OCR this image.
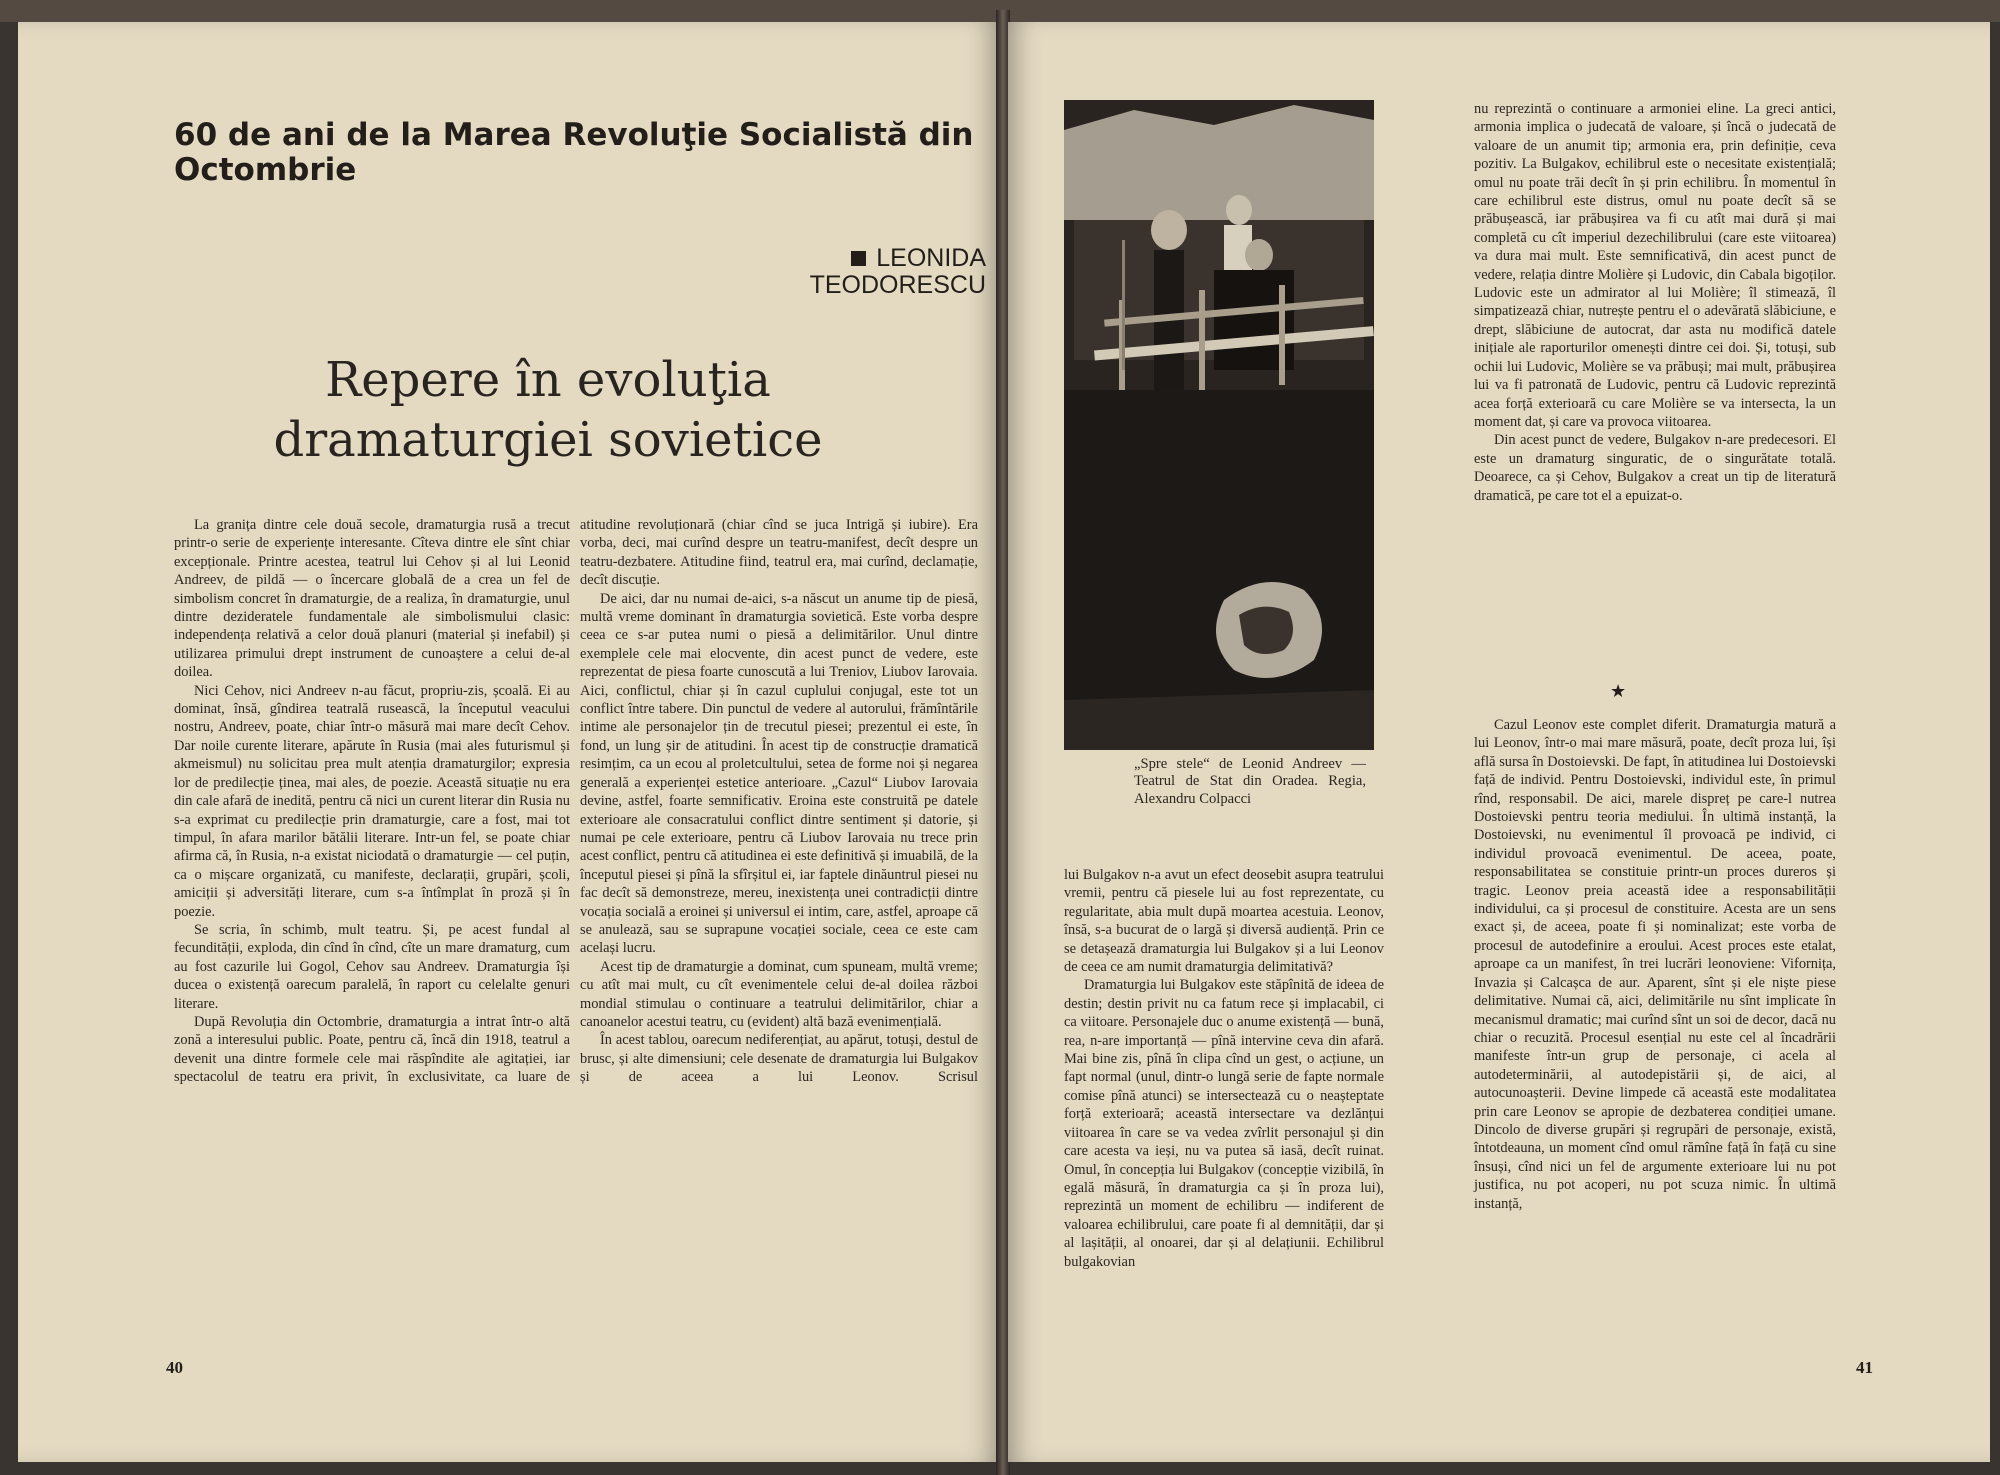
60 de ani de la Marea Revoluţie Socialistă din Octombrie
LEONIDA
TEODORESCU
Repere în evoluţia
dramaturgiei sovietice

La granița dintre cele două secole, dramaturgia rusă a trecut printr-o serie de experiențe interesante. Cîteva dintre ele sînt chiar excepționale. Printre acestea, teatrul lui Cehov și al lui Leonid Andreev, de pildă — o încercare globală de a crea un fel de simbolism concret în dramaturgie, de a realiza, în dramaturgie, unul dintre dezideratele fundamentale ale simbolismului clasic: independența relativă a celor două planuri (material și inefabil) și utilizarea primului drept instrument de cunoaștere a celui de-al doilea.

Nici Cehov, nici Andreev n-au făcut, propriu-zis, școală. Ei au dominat, însă, gîndirea teatrală rusească, la începutul veacului nostru, Andreev, poate, chiar într-o măsură mai mare decît Cehov. Dar noile curente literare, apărute în Rusia (mai ales futurismul și akmeismul) nu solicitau prea mult atenția dramaturgilor; expresia lor de predilecție ținea, mai ales, de poezie. Această situație nu era din cale afară de inedită, pentru că nici un curent literar din Rusia nu s-a exprimat cu predilecție prin dramaturgie, care a fost, mai tot timpul, în afara marilor bătălii literare. Intr-un fel, se poate chiar afirma că, în Rusia, n-a existat niciodată o dramaturgie — cel puțin, ca o mișcare organizată, cu manifeste, declarații, grupări, școli, amiciții și adversități literare, cum s-a întîmplat în proză și în poezie.

Se scria, în schimb, mult teatru. Și, pe acest fundal al fecundității, exploda, din cînd în cînd, cîte un mare dramaturg, cum au fost cazurile lui Gogol, Cehov sau Andreev. Dramaturgia își ducea o existență oarecum paralelă, în raport cu celelalte genuri literare.

După Revoluția din Octombrie, dramaturgia a intrat într-o altă zonă a interesului public. Poate, pentru că, încă din 1918, teatrul a devenit una dintre formele cele mai răspîndite ale agitației, iar spectacolul de teatru era privit, în exclusivitate, ca luare de

atitudine revoluționară (chiar cînd se juca Intrigă și iubire). Era vorba, deci, mai curînd despre un teatru-manifest, decît despre un teatru-dezbatere. Atitudine fiind, teatrul era, mai curînd, declamație, decît discuție.

De aici, dar nu numai de-aici, s-a născut un anume tip de piesă, multă vreme dominant în dramaturgia sovietică. Este vorba despre ceea ce s-ar putea numi o piesă a delimitărilor. Unul dintre exemplele cele mai elocvente, din acest punct de vedere, este reprezentat de piesa foarte cunoscută a lui Treniov, Liubov Iarovaia. Aici, conflictul, chiar și în cazul cuplului conjugal, este tot un conflict între tabere. Din punctul de vedere al autorului, frămîntările intime ale personajelor țin de trecutul piesei; prezentul ei este, în fond, un lung șir de atitudini. În acest tip de construcție dramatică resimțim, ca un ecou al proletcultului, setea de forme noi și negarea generală a experienței estetice anterioare. „Cazul“ Liubov Iarovaia devine, astfel, foarte semnificativ. Eroina este construită pe datele exterioare ale consacratului conflict dintre sentiment și datorie, și numai pe cele exterioare, pentru că Liubov Iarovaia nu trece prin acest conflict, pentru că atitudinea ei este definitivă și imuabilă, de la începutul piesei și pînă la sfîrșitul ei, iar faptele dinăuntrul piesei nu fac decît să demonstreze, mereu, inexistența unei contradicții dintre vocația socială a eroinei și universul ei intim, care, astfel, aproape că se anulează, sau se suprapune vocației sociale, ceea ce este cam același lucru.

Acest tip de dramaturgie a dominat, cum spuneam, multă vreme; cu atît mai mult, cu cît evenimentele celui de-al doilea război mondial stimulau o continuare a teatrului delimitărilor, chiar a canoanelor acestui teatru, cu (evident) altă bază evenimențială.

În acest tablou, oarecum nediferențiat, au apărut, totuși, destul de brusc, și alte dimensiuni; cele desenate de dramaturgia lui Bulgakov și de aceea a lui Leonov. Scrisul

40
„Spre stele“ de Leonid Andreev — Teatrul de Stat din Oradea. Regia, Alexandru Colpacci

lui Bulgakov n-a avut un efect deosebit asupra teatrului vremii, pentru că piesele lui au fost reprezentate, cu regularitate, abia mult după moartea acestuia. Leonov, însă, s-a bucurat de o largă și diversă audiență. Prin ce se detașează dramaturgia lui Bulgakov și a lui Leonov de ceea ce am numit dramaturgia delimitativă?

Dramaturgia lui Bulgakov este stăpînită de ideea de destin; destin privit nu ca fatum rece și implacabil, ci ca viitoare. Personajele duc o anume existență — bună, rea, n-are importanță — pînă intervine ceva din afară. Mai bine zis, pînă în clipa cînd un gest, o acțiune, un fapt normal (unul, dintr-o lungă serie de fapte normale comise pînă atunci) se intersectează cu o neașteptate forță exterioară; această intersectare va dezlănțui viitoarea în care se va vedea zvîrlit personajul și din care acesta va ieși, nu va putea să iasă, decît ruinat. Omul, în concepția lui Bulgakov (concepție vizibilă, în egală măsură, în dramaturgia ca și în proza lui), reprezintă un moment de echilibru — indiferent de valoarea echilibrului, care poate fi al demnității, dar și al lașității, al onoarei, dar și al delațiunii. Echilibrul bulgakovian

nu reprezintă o continuare a armoniei eline. La greci antici, armonia implica o judecată de valoare, și încă o judecată de valoare de un anumit tip; armonia era, prin definiție, ceva pozitiv. La Bulgakov, echilibrul este o necesitate existențială; omul nu poate trăi decît în și prin echilibru. În momentul în care echilibrul este distrus, omul nu poate decît să se prăbușească, iar prăbușirea va fi cu atît mai dură și mai completă cu cît imperiul dezechilibrului (care este viitoarea) va dura mai mult. Este semnificativă, din acest punct de vedere, relația dintre Molière și Ludovic, din Cabala bigoților. Ludovic este un admirator al lui Molière; îl stimează, îl simpatizează chiar, nutrește pentru el o adevărată slăbiciune, e drept, slăbiciune de autocrat, dar asta nu modifică datele inițiale ale raporturilor omenești dintre cei doi. Și, totuși, sub ochii lui Ludovic, Molière se va prăbuși; mai mult, prăbușirea lui va fi patronată de Ludovic, pentru că Ludovic reprezintă acea forță exterioară cu care Molière se va intersecta, la un moment dat, și care va provoca viitoarea.

Din acest punct de vedere, Bulgakov n-are predecesori. El este un dramaturg singuratic, de o singurătate totală. Deoarece, ca și Cehov, Bulgakov a creat un tip de literatură dramatică, pe care tot el a epuizat-o.

★

Cazul Leonov este complet diferit. Dramaturgia matură a lui Leonov, într-o mai mare măsură, poate, decît proza lui, își află sursa în Dostoievski. De fapt, în atitudinea lui Dostoievski față de individ. Pentru Dostoievski, individul este, în primul rînd, responsabil. De aici, marele dispreț pe care-l nutrea Dostoievski pentru teoria mediului. În ultimă instanță, la Dostoievski, nu evenimentul îl provoacă pe individ, ci individul provoacă evenimentul. De aceea, poate, responsabilitatea se constituie printr-un proces dureros și tragic. Leonov preia această idee a responsabilității individului, ca și procesul de constituire. Acesta are un sens exact și, de aceea, poate fi și nominalizat; este vorba de procesul de autodefinire a eroului. Acest proces este etalat, aproape ca un manifest, în trei lucrări leonoviene: Vifornița, Invazia și Calcașca de aur. Aparent, sînt și ele niște piese delimitative. Numai că, aici, delimitările nu sînt implicate în mecanismul dramatic; mai curînd sînt un soi de decor, dacă nu chiar o recuzită. Procesul esențial nu este cel al încadrării manifeste într-un grup de personaje, ci acela al autodeterminării, al autodepistării și, de aici, al autocunoașterii. Devine limpede că această este modalitatea prin care Leonov se apropie de dezbaterea condiției umane. Dincolo de diverse grupări și regrupări de personaje, există, întotdeauna, un moment cînd omul rămîne față în față cu sine însuși, cînd nici un fel de argumente exterioare lui nu pot justifica, nu pot acoperi, nu pot scuza nimic. În ultimă instanță,

41
